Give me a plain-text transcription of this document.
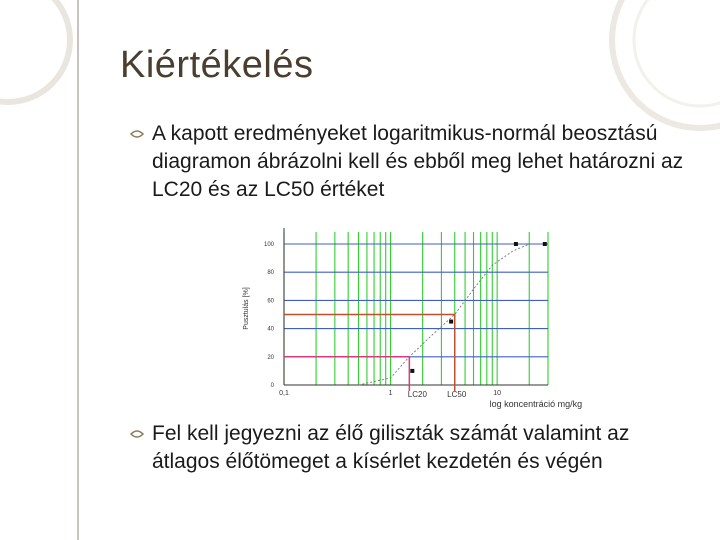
Kiértékelés
A kapott eredményeket logaritmikus-normál beosztású diagramon ábrázolni kell és ebből meg lehet határozni az LC20 és az LC50 értéket
0
20
40
60
80
100
0,1	1	10
Pusztulás [%]
log koncentráció mg/kg
LC20	LC50
Fel kell jegyezni az élő giliszták számát valamint az átlagos élőtömeget a kísérlet kezdetén és végén
